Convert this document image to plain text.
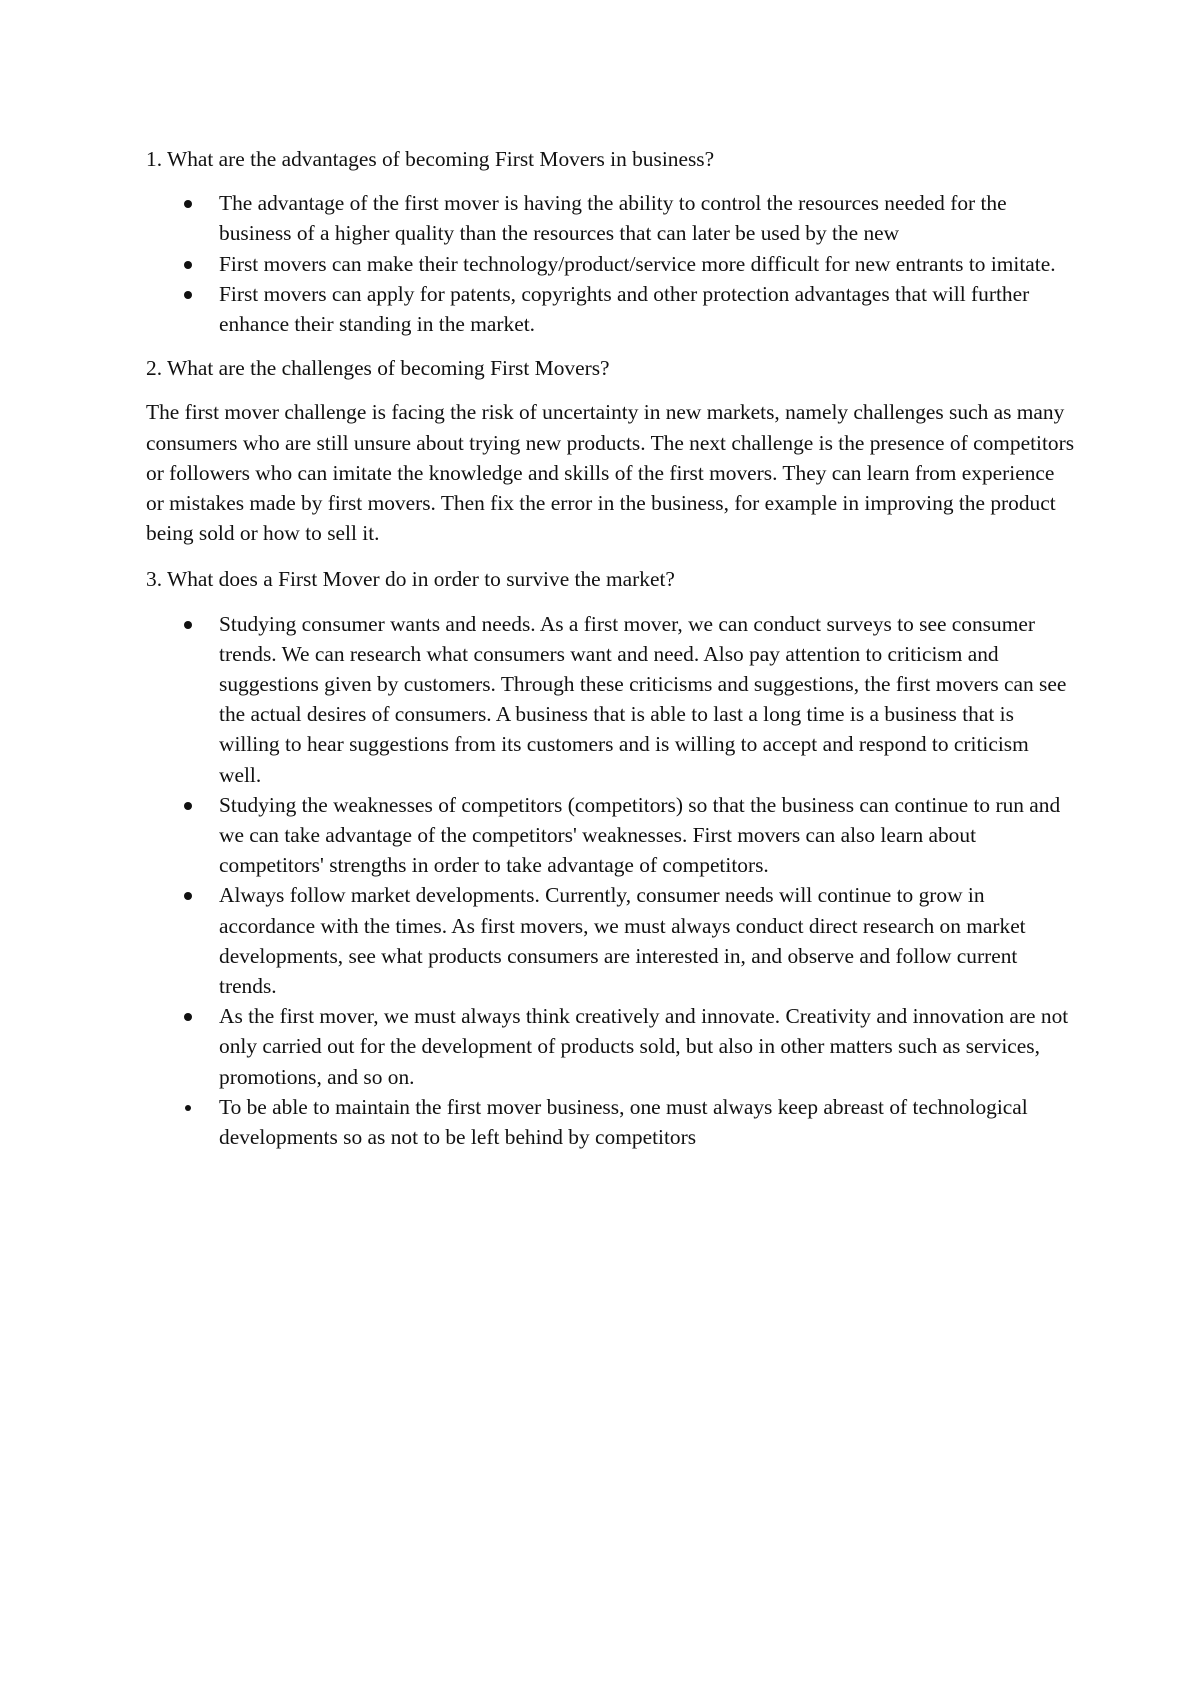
1. What are the advantages of becoming First Movers in business?

The advantage of the first mover is having the ability to control the resources needed for the business of a higher quality than the resources that can later be used by the new
First movers can make their technology/product/service more difficult for new entrants to imitate.
First movers can apply for patents, copyrights and other protection advantages that will further enhance their standing in the market.

2. What are the challenges of becoming First Movers?

The first mover challenge is facing the risk of uncertainty in new markets, namely challenges such as many consumers who are still unsure about trying new products. The next challenge is the presence of competitors or followers who can imitate the knowledge and skills of the first movers. They can learn from experience or mistakes made by first movers. Then fix the error in the business, for example in improving the product being sold or how to sell it.

3. What does a First Mover do in order to survive the market?

Studying consumer wants and needs. As a first mover, we can conduct surveys to see consumer trends. We can research what consumers want and need. Also pay attention to criticism and suggestions given by customers. Through these criticisms and suggestions, the first movers can see the actual desires of consumers. A business that is able to last a long time is a business that is willing to hear suggestions from its customers and is willing to accept and respond to criticism well.
Studying the weaknesses of competitors (competitors) so that the business can continue to run and we can take advantage of the competitors' weaknesses. First movers can also learn about competitors' strengths in order to take advantage of competitors.
Always follow market developments. Currently, consumer needs will continue to grow in accordance with the times. As first movers, we must always conduct direct research on market developments, see what products consumers are interested in, and observe and follow current trends.
As the first mover, we must always think creatively and innovate. Creativity and innovation are not only carried out for the development of products sold, but also in other matters such as services, promotions, and so on.
To be able to maintain the first mover business, one must always keep abreast of technological developments so as not to be left behind by competitors
